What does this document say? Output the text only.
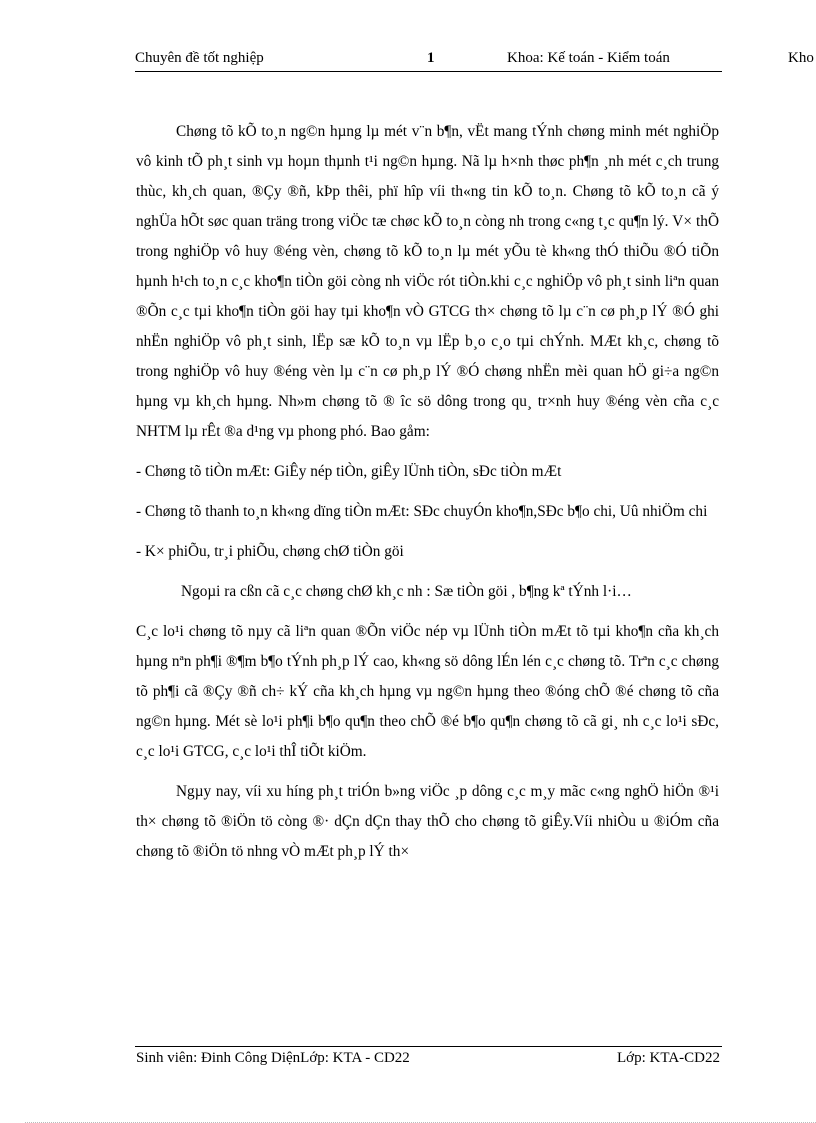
Chuyên đề tốt nghiệp	1	Khoa: Kế toán - Kiểm toán	Kho

Chøng tõ kÕ to¸n ng©n hµng lµ mét v¨n b¶n, vËt mang tÝnh chøng minh mét nghiÖp vô kinh tÕ ph¸t sinh vµ hoµn thµnh t¹i ng©n hµng. Nã lµ h×nh thøc ph¶n ¸nh mét c¸ch trung thùc, kh¸ch quan, ®Çy ®ñ, kÞp thêi, phï hîp víi th«ng tin kÕ to¸n. Chøng tõ kÕ to¸n cã ý nghÜa hÕt søc quan träng trong viÖc tæ chøc kÕ to¸n còng nh trong c«ng t¸c qu¶n lý. V× thÕ trong nghiÖp vô huy ®éng vèn, chøng tõ kÕ to¸n lµ mét yÕu tè kh«ng thÓ thiÕu ®Ó tiÕn hµnh h¹ch to¸n c¸c kho¶n tiÒn göi còng nh viÖc rót tiÒn.khi c¸c nghiÖp vô ph¸t sinh liªn quan ®Õn c¸c tµi kho¶n tiÒn göi hay tµi kho¶n vÒ GTCG th× chøng tõ lµ c¨n cø ph¸p lÝ ®Ó ghi nhËn nghiÖp vô ph¸t sinh, lËp sæ kÕ to¸n vµ lËp b¸o c¸o tµi chÝnh. MÆt kh¸c, chøng tõ trong nghiÖp vô huy ®éng vèn lµ c¨n cø ph¸p lÝ ®Ó chøng nhËn mèi quan hÖ gi÷a ng©n hµng vµ kh¸ch hµng. Nh»m chøng tõ ® îc sö dông trong qu¸ tr×nh huy ®éng vèn cña c¸c NHTM lµ rÊt ®a d¹ng vµ phong phó. Bao gåm:

- Chøng tõ tiÒn mÆt: GiÊy nép tiÒn, giÊy lÜnh tiÒn, sÐc tiÒn mÆt

- Chøng tõ thanh to¸n kh«ng dïng tiÒn mÆt: SÐc chuyÓn kho¶n,SÐc b¶o chi, Uû nhiÖm chi

- K× phiÕu, tr¸i phiÕu, chøng chØ tiÒn göi

Ngoµi ra cßn cã c¸c chøng chØ kh¸c nh : Sæ tiÒn göi , b¶ng kª tÝnh l·i…

C¸c lo¹i chøng tõ nµy cã liªn quan ®Õn viÖc nép vµ lÜnh tiÒn mÆt tõ tµi kho¶n cña kh¸ch hµng nªn ph¶i ®¶m b¶o tÝnh ph¸p lÝ cao, kh«ng sö dông lÉn lén c¸c chøng tõ. Trªn c¸c chøng tõ ph¶i cã ®Çy ®ñ ch÷ kÝ cña kh¸ch hµng vµ ng©n hµng theo ®óng chÕ ®é chøng tõ cña ng©n hµng. Mét sè lo¹i ph¶i b¶o qu¶n theo chÕ ®é b¶o qu¶n chøng tõ cã gi¸ nh c¸c lo¹i sÐc, c¸c lo¹i GTCG, c¸c lo¹i thÎ tiÕt kiÖm.

Ngµy nay, víi xu híng ph¸t triÓn b»ng viÖc ¸p dông c¸c m¸y mãc c«ng nghÖ hiÖn ®¹i th× chøng tõ ®iÖn tö còng ®· dÇn dÇn thay thÕ cho chøng tõ giÊy.Víi nhiÒu u ®iÓm cña chøng tõ ®iÖn tö nhng vÒ mÆt ph¸p lÝ th×

Sinh viên: Đinh Công DiệnLớp: KTA - CD22	Lớp: KTA-CD22
